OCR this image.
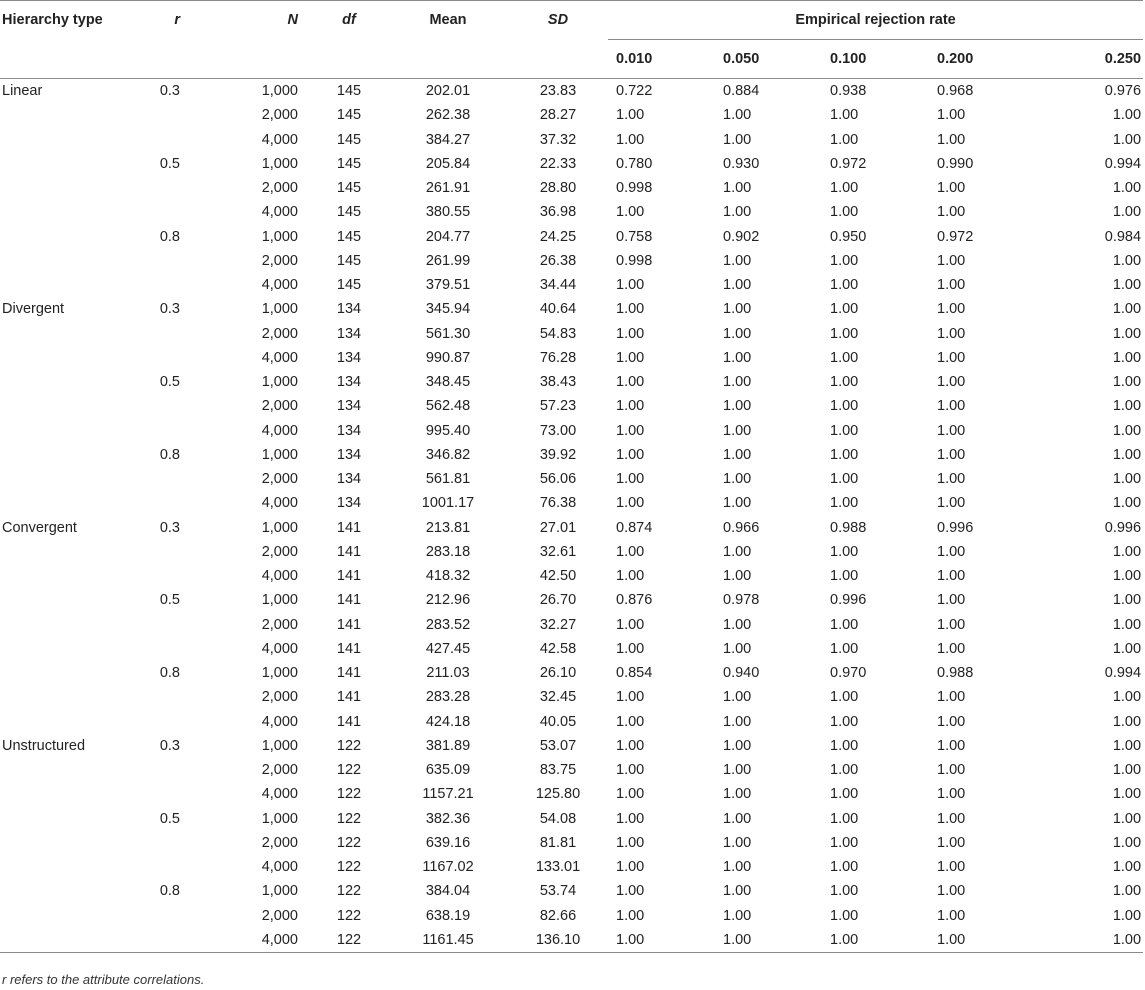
Hierarchy type	r	N	df	Mean	SD	Empirical rejection rate				
						0.010	0.050	0.100	0.200	0.250
Linear	0.3	1,000	145	202.01	23.83	0.722	0.884	0.938	0.968	0.976
		2,000	145	262.38	28.27	1.00	1.00	1.00	1.00	1.00
		4,000	145	384.27	37.32	1.00	1.00	1.00	1.00	1.00
	0.5	1,000	145	205.84	22.33	0.780	0.930	0.972	0.990	0.994
		2,000	145	261.91	28.80	0.998	1.00	1.00	1.00	1.00
		4,000	145	380.55	36.98	1.00	1.00	1.00	1.00	1.00
	0.8	1,000	145	204.77	24.25	0.758	0.902	0.950	0.972	0.984
		2,000	145	261.99	26.38	0.998	1.00	1.00	1.00	1.00
		4,000	145	379.51	34.44	1.00	1.00	1.00	1.00	1.00
Divergent	0.3	1,000	134	345.94	40.64	1.00	1.00	1.00	1.00	1.00
		2,000	134	561.30	54.83	1.00	1.00	1.00	1.00	1.00
		4,000	134	990.87	76.28	1.00	1.00	1.00	1.00	1.00
	0.5	1,000	134	348.45	38.43	1.00	1.00	1.00	1.00	1.00
		2,000	134	562.48	57.23	1.00	1.00	1.00	1.00	1.00
		4,000	134	995.40	73.00	1.00	1.00	1.00	1.00	1.00
	0.8	1,000	134	346.82	39.92	1.00	1.00	1.00	1.00	1.00
		2,000	134	561.81	56.06	1.00	1.00	1.00	1.00	1.00
		4,000	134	1001.17	76.38	1.00	1.00	1.00	1.00	1.00
Convergent	0.3	1,000	141	213.81	27.01	0.874	0.966	0.988	0.996	0.996
		2,000	141	283.18	32.61	1.00	1.00	1.00	1.00	1.00
		4,000	141	418.32	42.50	1.00	1.00	1.00	1.00	1.00
	0.5	1,000	141	212.96	26.70	0.876	0.978	0.996	1.00	1.00
		2,000	141	283.52	32.27	1.00	1.00	1.00	1.00	1.00
		4,000	141	427.45	42.58	1.00	1.00	1.00	1.00	1.00
	0.8	1,000	141	211.03	26.10	0.854	0.940	0.970	0.988	0.994
		2,000	141	283.28	32.45	1.00	1.00	1.00	1.00	1.00
		4,000	141	424.18	40.05	1.00	1.00	1.00	1.00	1.00
Unstructured	0.3	1,000	122	381.89	53.07	1.00	1.00	1.00	1.00	1.00
		2,000	122	635.09	83.75	1.00	1.00	1.00	1.00	1.00
		4,000	122	1157.21	125.80	1.00	1.00	1.00	1.00	1.00
	0.5	1,000	122	382.36	54.08	1.00	1.00	1.00	1.00	1.00
		2,000	122	639.16	81.81	1.00	1.00	1.00	1.00	1.00
		4,000	122	1167.02	133.01	1.00	1.00	1.00	1.00	1.00
	0.8	1,000	122	384.04	53.74	1.00	1.00	1.00	1.00	1.00
		2,000	122	638.19	82.66	1.00	1.00	1.00	1.00	1.00
		4,000	122	1161.45	136.10	1.00	1.00	1.00	1.00	1.00
r refers to the attribute correlations.
